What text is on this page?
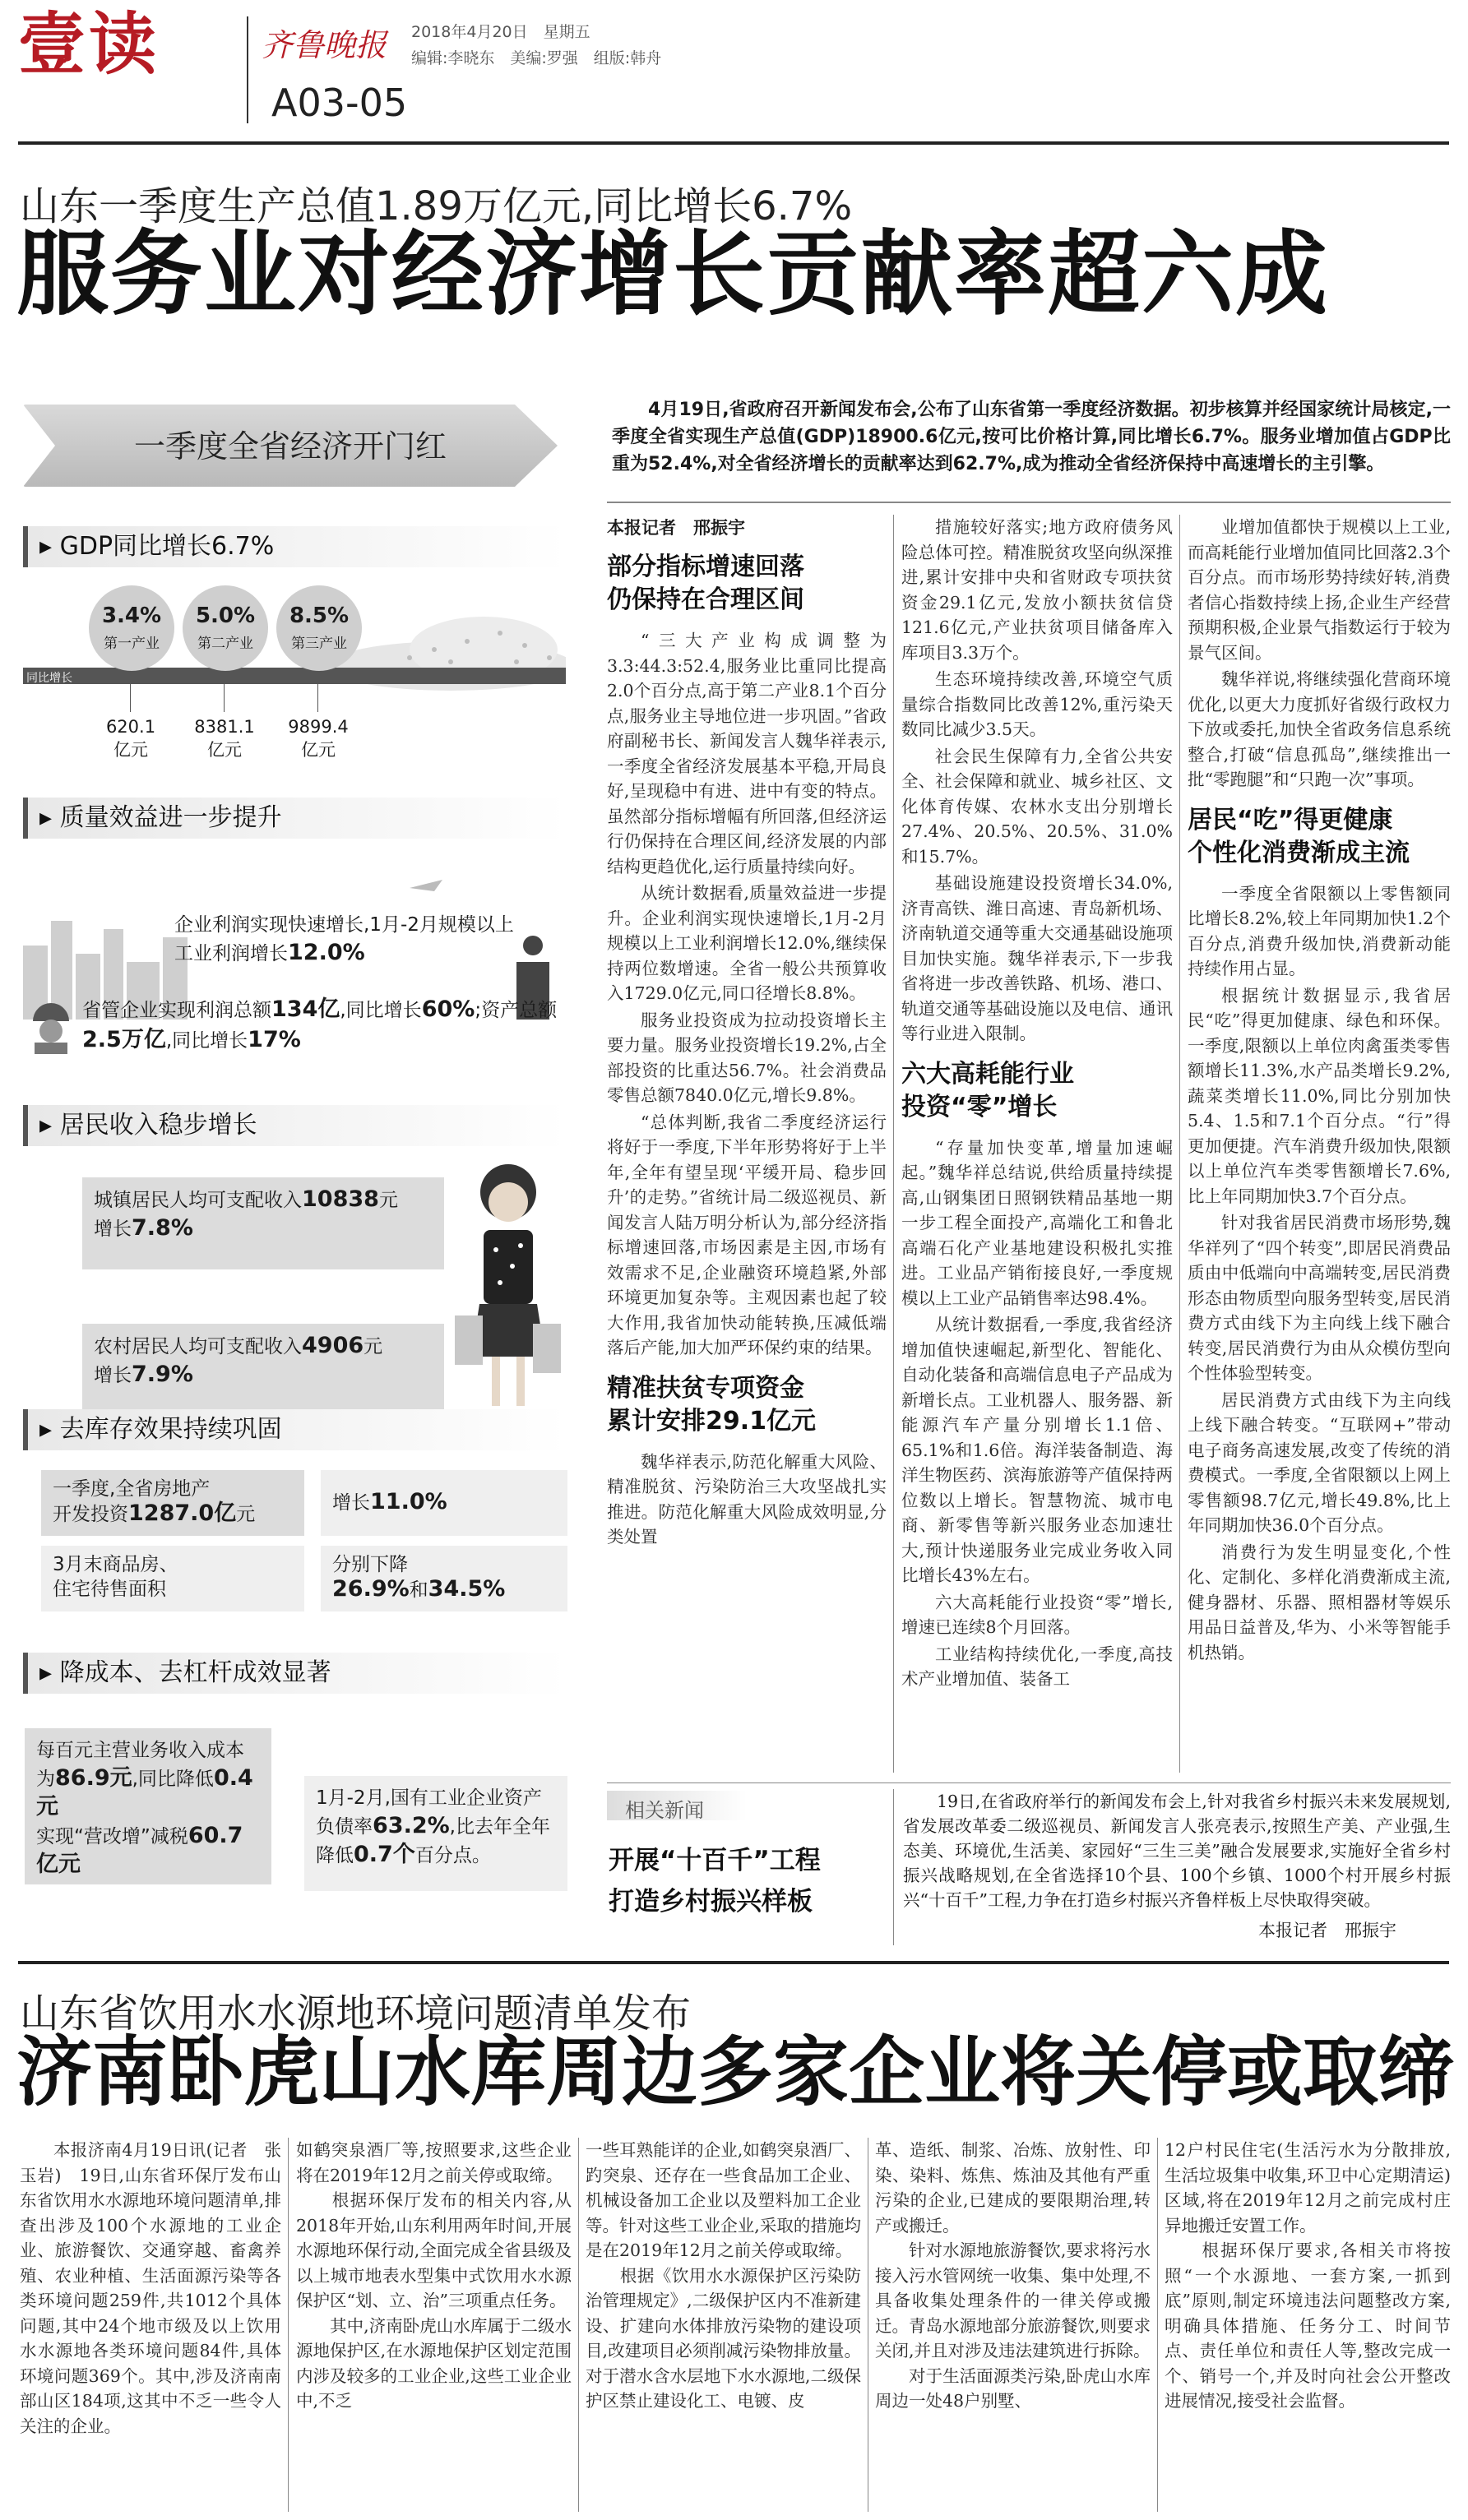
壹读	齐鲁晚报
A03-05
2018年4月20日　星期五
编辑:李晓东　美编:罗强　组版:韩舟
山东一季度生产总值1.89万亿元,同比增长6.7%
服务业对经济增长贡献率超六成
一季度全省经济开门红
▸ GDP同比增长6.7%
同比增长
3.4%
第一产业
5.0%
第二产业
8.5%
第三产业
620.1
亿元
8381.1
亿元
9899.4
亿元
▸ 质量效益进一步提升
企业利润实现快速增长,1月-2月规模以上工业利润增长12.0%
省管企业实现利润总额134亿,同比增长60%;资产总额2.5万亿,同比增长17%
▸ 居民收入稳步增长
城镇居民人均可支配收入10838元
增长7.8%
农村居民人均可支配收入4906元
增长7.9%
▸ 去库存效果持续巩固
一季度,全省房地产
开发投资1287.0亿元
增长11.0%
3月末商品房、
住宅待售面积
分别下降
26.9%和34.5%
▸ 降成本、去杠杆成效显著
每百元主营业务收入成本为86.9元,同比降低0.4元
实现“营改增”减税60.7亿元
1月-2月,国有工业企业资产负债率63.2%,比去年全年降低0.7个百分点。
4月19日,省政府召开新闻发布会,公布了山东省第一季度经济数据。初步核算并经国家统计局核定,一季度全省实现生产总值(GDP)18900.6亿元,按可比价格计算,同比增长6.7%。服务业增加值占GDP比重为52.4%,对全省经济增长的贡献率达到62.7%,成为推动全省经济保持中高速增长的主引擎。
本报记者　邢振宇
部分指标增速回落
仍保持在合理区间

“三大产业构成调整为3.3:44.3:52.4,服务业比重同比提高2.0个百分点,高于第二产业8.1个百分点,服务业主导地位进一步巩固。”省政府副秘书长、新闻发言人魏华祥表示,一季度全省经济发展基本平稳,开局良好,呈现稳中有进、进中有变的特点。虽然部分指标增幅有所回落,但经济运行仍保持在合理区间,经济发展的内部结构更趋优化,运行质量持续向好。

从统计数据看,质量效益进一步提升。企业利润实现快速增长,1月-2月规模以上工业利润增长12.0%,继续保持两位数增速。全省一般公共预算收入1729.0亿元,同口径增长8.8%。

服务业投资成为拉动投资增长主要力量。服务业投资增长19.2%,占全部投资的比重达56.7%。社会消费品零售总额7840.0亿元,增长9.8%。

“总体判断,我省二季度经济运行将好于一季度,下半年形势将好于上半年,全年有望呈现‘平缓开局、稳步回升’的走势。”省统计局二级巡视员、新闻发言人陆万明分析认为,部分经济指标增速回落,市场因素是主因,市场有效需求不足,企业融资环境趋紧,外部环境更加复杂等。主观因素也起了较大作用,我省加快动能转换,压减低端落后产能,加大加严环保约束的结果。

精准扶贫专项资金
累计安排29.1亿元

魏华祥表示,防范化解重大风险、精准脱贫、污染防治三大攻坚战扎实推进。防范化解重大风险成效明显,分类处置

措施较好落实;地方政府债务风险总体可控。精准脱贫攻坚向纵深推进,累计安排中央和省财政专项扶贫资金29.1亿元,发放小额扶贫信贷121.6亿元,产业扶贫项目储备库入库项目3.3万个。

生态环境持续改善,环境空气质量综合指数同比改善12%,重污染天数同比减少3.5天。

社会民生保障有力,全省公共安全、社会保障和就业、城乡社区、文化体育传媒、农林水支出分别增长27.4%、20.5%、20.5%、31.0%和15.7%。

基础设施建设投资增长34.0%,济青高铁、潍日高速、青岛新机场、济南轨道交通等重大交通基础设施项目加快实施。魏华祥表示,下一步我省将进一步改善铁路、机场、港口、轨道交通等基础设施以及电信、通讯等行业进入限制。

六大高耗能行业
投资“零”增长

“存量加快变革,增量加速崛起。”魏华祥总结说,供给质量持续提高,山钢集团日照钢铁精品基地一期一步工程全面投产,高端化工和鲁北高端石化产业基地建设积极扎实推进。工业品产销衔接良好,一季度规模以上工业产品销售率达98.4%。

从统计数据看,一季度,我省经济增加值快速崛起,新型化、智能化、自动化装备和高端信息电子产品成为新增长点。工业机器人、服务器、新能源汽车产量分别增长1.1倍、65.1%和1.6倍。海洋装备制造、海洋生物医药、滨海旅游等产值保持两位数以上增长。智慧物流、城市电商、新零售等新兴服务业态加速壮大,预计快递服务业完成业务收入同比增长43%左右。

六大高耗能行业投资“零”增长,增速已连续8个月回落。

工业结构持续优化,一季度,高技术产业增加值、装备工

业增加值都快于规模以上工业,而高耗能行业增加值同比回落2.3个百分点。而市场形势持续好转,消费者信心指数持续上扬,企业生产经营预期积极,企业景气指数运行于较为景气区间。

魏华祥说,将继续强化营商环境优化,以更大力度抓好省级行政权力下放或委托,加快全省政务信息系统整合,打破“信息孤岛”,继续推出一批“零跑腿”和“只跑一次”事项。

居民“吃”得更健康
个性化消费渐成主流

一季度全省限额以上零售额同比增长8.2%,较上年同期加快1.2个百分点,消费升级加快,消费新动能持续作用占显。

根据统计数据显示,我省居民“吃”得更加健康、绿色和环保。一季度,限额以上单位肉禽蛋类零售额增长11.3%,水产品类增长9.2%,蔬菜类增长11.0%,同比分别加快5.4、1.5和7.1个百分点。“行”得更加便捷。汽车消费升级加快,限额以上单位汽车类零售额增长7.6%,比上年同期加快3.7个百分点。

针对我省居民消费市场形势,魏华祥列了“四个转变”,即居民消费品质由中低端向中高端转变,居民消费形态由物质型向服务型转变,居民消费方式由线下为主向线上线下融合转变,居民消费行为由从众模仿型向个性体验型转变。

居民消费方式由线下为主向线上线下融合转变。“互联网+”带动电子商务高速发展,改变了传统的消费模式。一季度,全省限额以上网上零售额98.7亿元,增长49.8%,比上年同期加快36.0个百分点。

消费行为发生明显变化,个性化、定制化、多样化消费渐成主流,健身器材、乐器、照相器材等娱乐用品日益普及,华为、小米等智能手机热销。

相关新闻
开展“十百千”工程
打造乡村振兴样板
19日,在省政府举行的新闻发布会上,针对我省乡村振兴未来发展规划,省发展改革委二级巡视员、新闻发言人张亮表示,按照生产美、产业强,生态美、环境优,生活美、家园好“三生三美”融合发展要求,实施好全省乡村振兴战略规划,在全省选择10个县、100个乡镇、1000个村开展乡村振兴“十百千”工程,力争在打造乡村振兴齐鲁样板上尽快取得突破。
本报记者　邢振宇
山东省饮用水水源地环境问题清单发布
济南卧虎山水库周边多家企业将关停或取缔

本报济南4月19日讯(记者　张玉岩)　19日,山东省环保厅发布山东省饮用水水源地环境问题清单,排查出涉及100个水源地的工业企业、旅游餐饮、交通穿越、畜禽养殖、农业种植、生活面源污染等各类环境问题259件,共1012个具体问题,其中24个地市级及以上饮用水水源地各类环境问题84件,具体环境问题369个。其中,涉及济南南部山区184项,这其中不乏一些令人关注的企业。

如鹤突泉酒厂等,按照要求,这些企业将在2019年12月之前关停或取缔。
　　根据环保厅发布的相关内容,从2018年开始,山东利用两年时间,开展水源地环保行动,全面完成全省县级及以上城市地表水型集中式饮用水水源保护区“划、立、治”三项重点任务。
　　其中,济南卧虎山水库属于二级水源地保护区,在水源地保护区划定范围内涉及较多的工业企业,这些工业企业中,不乏

一些耳熟能详的企业,如鹤突泉酒厂、趵突泉、还存在一些食品加工企业、机械设备加工企业以及塑料加工企业等。针对这些工业企业,采取的措施均是在2019年12月之前关停或取缔。
　　根据《饮用水水源保护区污染防治管理规定》,二级保护区内不准新建设、扩建向水体排放污染物的建设项目,改建项目必须削减污染物排放量。对于潜水含水层地下水水源地,二级保护区禁止建设化工、电镀、皮

革、造纸、制浆、冶炼、放射性、印染、染料、炼焦、炼油及其他有严重污染的企业,已建成的要限期治理,转产或搬迁。
　　针对水源地旅游餐饮,要求将污水接入污水管网统一收集、集中处理,不具备收集处理条件的一律关停或搬迁。青岛水源地部分旅游餐饮,则要求关闭,并且对涉及违法建筑进行拆除。
　　对于生活面源类污染,卧虎山水库周边一处48户别墅、

12户村民住宅(生活污水为分散排放,生活垃圾集中收集,环卫中心定期清运)区域,将在2019年12月之前完成村庄异地搬迁安置工作。
　　根据环保厅要求,各相关市将按照“一个水源地、一套方案,一抓到底”原则,制定环境违法问题整改方案,明确具体措施、任务分工、时间节点、责任单位和责任人等,整改完成一个、销号一个,并及时向社会公开整改进展情况,接受社会监督。
